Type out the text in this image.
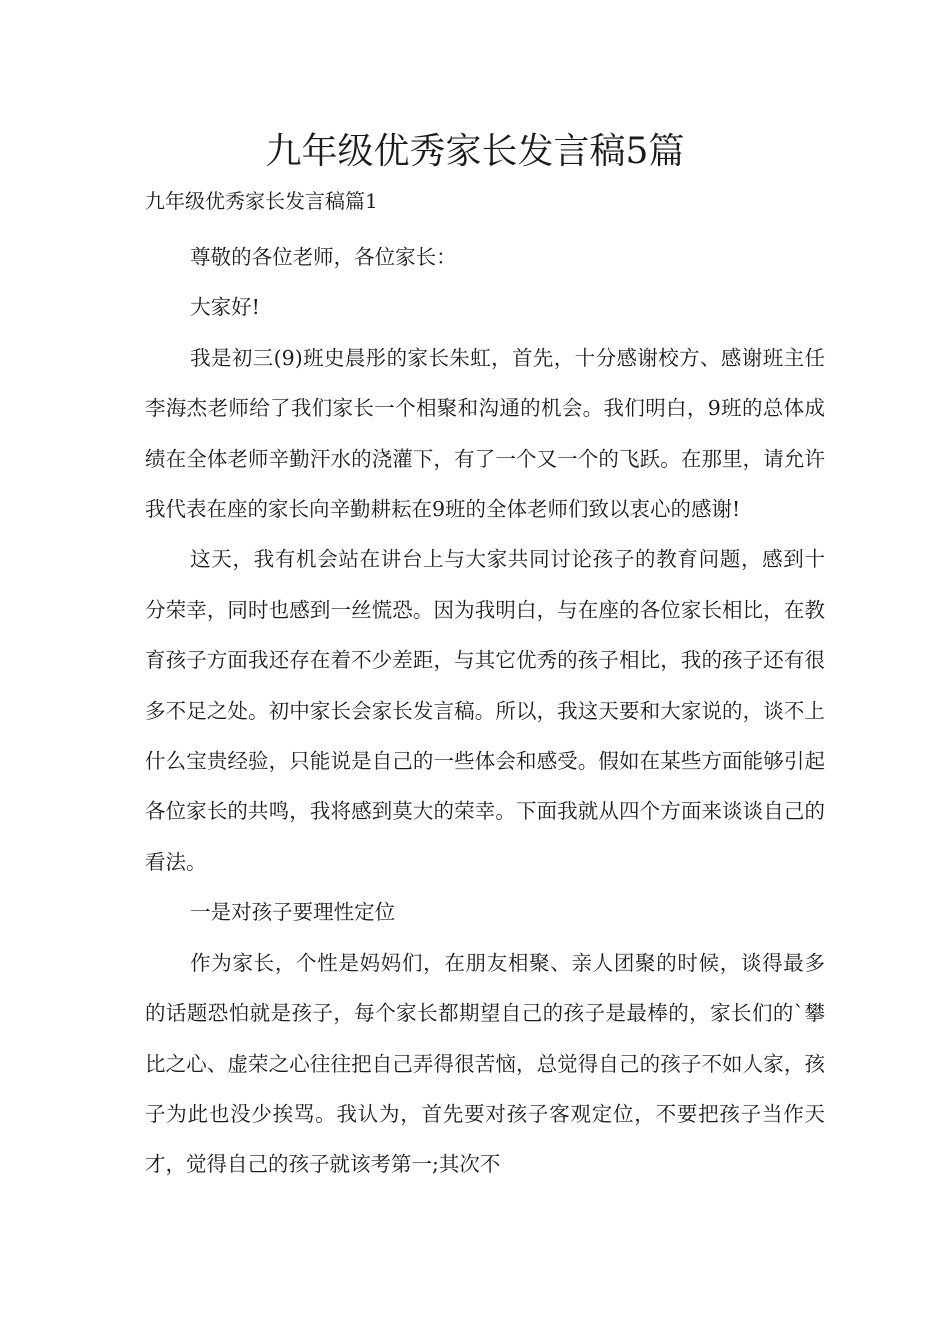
九年级优秀家长发言稿5篇
九年级优秀家长发言稿篇1

尊敬的各位老师，各位家长：

大家好!

我是初三(9)班史晨彤的家长朱虹，首先，十分感谢校方、感谢班主任李海杰老师给了我们家长一个相聚和沟通的机会。我们明白，9班的总体成绩在全体老师辛勤汗水的浇灌下，有了一个又一个的飞跃。在那里，请允许我代表在座的家长向辛勤耕耘在9班的全体老师们致以衷心的感谢!

这天，我有机会站在讲台上与大家共同讨论孩子的教育问题，感到十分荣幸，同时也感到一丝慌恐。因为我明白，与在座的各位家长相比，在教育孩子方面我还存在着不少差距，与其它优秀的孩子相比，我的孩子还有很多不足之处。初中家长会家长发言稿。所以，我这天要和大家说的，谈不上什么宝贵经验，只能说是自己的一些体会和感受。假如在某些方面能够引起各位家长的共鸣，我将感到莫大的荣幸。下面我就从四个方面来谈谈自己的看法。

一是对孩子要理性定位

作为家长，个性是妈妈们，在朋友相聚、亲人团聚的时候，谈得最多的话题恐怕就是孩子，每个家长都期望自己的孩子是最棒的，家长们的`攀比之心、虚荣之心往往把自己弄得很苦恼，总觉得自己的孩子不如人家，孩子为此也没少挨骂。我认为，首先要对孩子客观定位，不要把孩子当作天才，觉得自己的孩子就该考第一;其次不
